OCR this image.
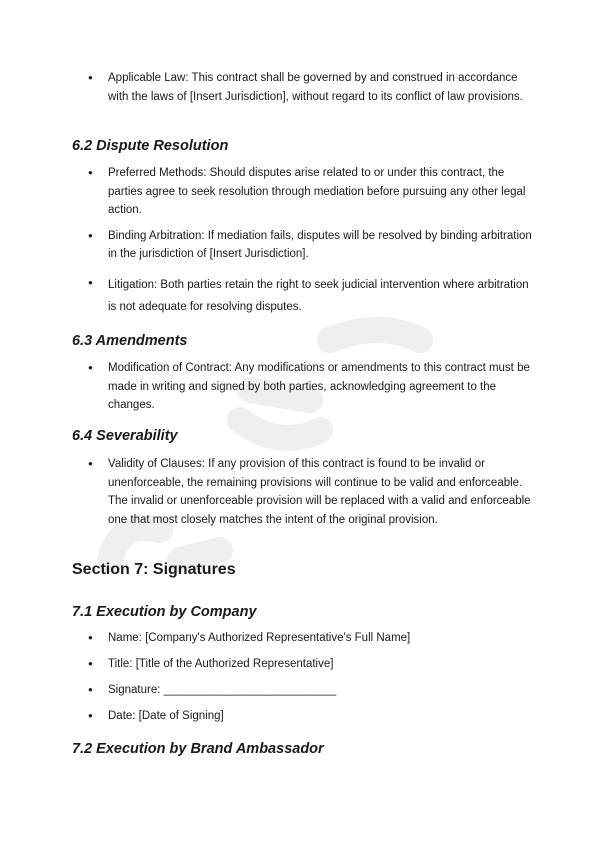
● Applicable Law: This contract shall be governed by and construed in accordance with the laws of [Insert Jurisdiction], without regard to its conflict of law provisions.
6.2 Dispute Resolution
● Preferred Methods: Should disputes arise related to or under this contract, the parties agree to seek resolution through mediation before pursuing any other legal action.
● Binding Arbitration: If mediation fails, disputes will be resolved by binding arbitration in the jurisdiction of [Insert Jurisdiction].
● Litigation: Both parties retain the right to seek judicial intervention where arbitration is not adequate for resolving disputes.
6.3 Amendments
● Modification of Contract: Any modifications or amendments to this contract must be made in writing and signed by both parties, acknowledging agreement to the changes.
6.4 Severability
● Validity of Clauses: If any provision of this contract is found to be invalid or unenforceable, the remaining provisions will continue to be valid and enforceable. The invalid or unenforceable provision will be replaced with a valid and enforceable one that most closely matches the intent of the original provision.
Section 7: Signatures
7.1 Execution by Company
● Name: [Company's Authorized Representative's Full Name]
● Title: [Title of the Authorized Representative]
● Signature: ___________________________
● Date: [Date of Signing]
7.2 Execution by Brand Ambassador
